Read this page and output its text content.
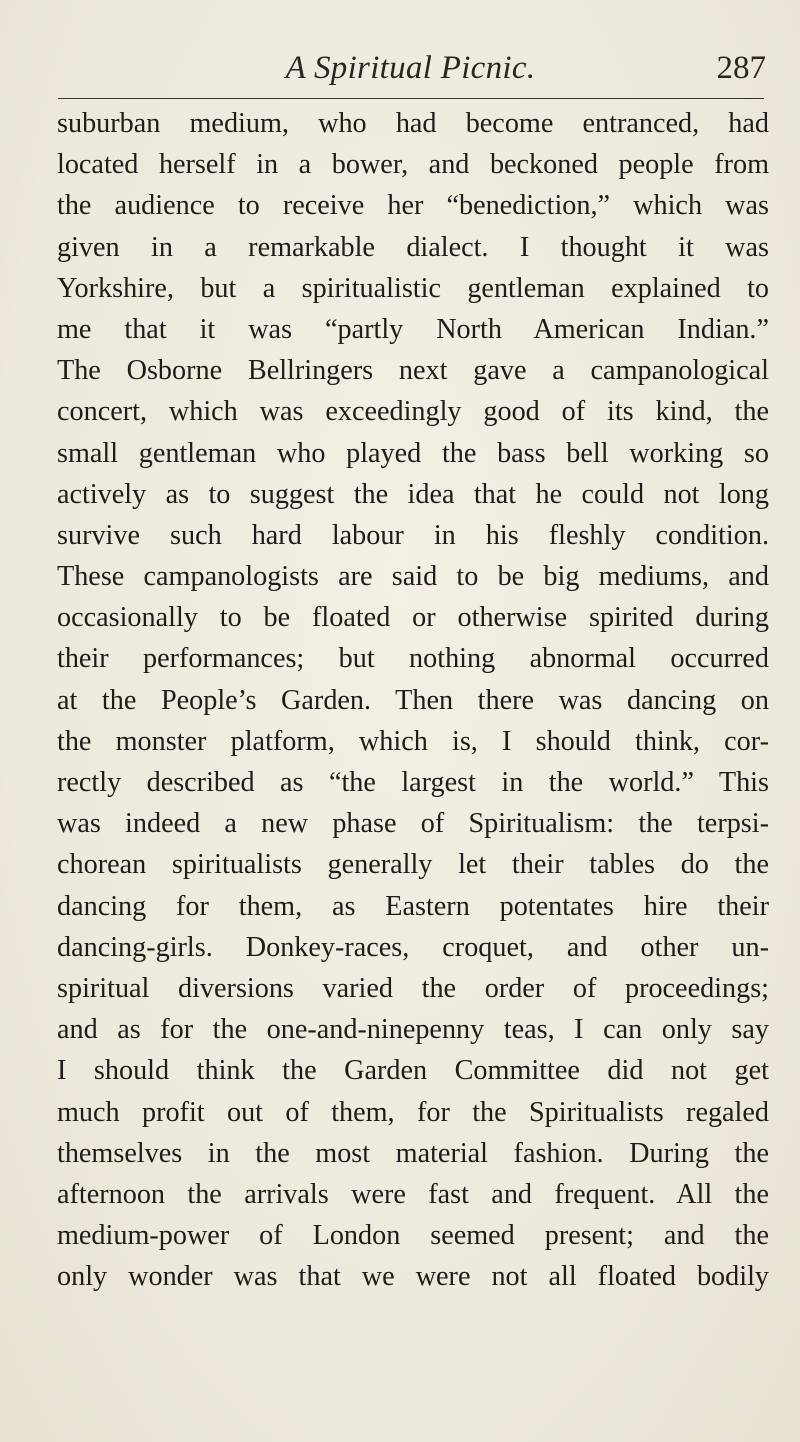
A Spiritual Picnic.	287
suburban medium, who had become entranced, had
located herself in a bower, and beckoned people from
the audience to receive her “benediction,” which was
given in a remarkable dialect. I thought it was
Yorkshire, but a spiritualistic gentleman explained to
me that it was “partly North American Indian.”
The Osborne Bellringers next gave a campanological
concert, which was exceedingly good of its kind, the
small gentleman who played the bass bell working so
actively as to suggest the idea that he could not long
survive such hard labour in his fleshly condition.
These campanologists are said to be big mediums, and
occasionally to be floated or otherwise spirited during
their performances; but nothing abnormal occurred
at the People’s Garden. Then there was dancing on
the monster platform, which is, I should think, cor-
rectly described as “the largest in the world.” This
was indeed a new phase of Spiritualism: the terpsi-
chorean spiritualists generally let their tables do the
dancing for them, as Eastern potentates hire their
dancing-girls. Donkey-races, croquet, and other un-
spiritual diversions varied the order of proceedings;
and as for the one-and-ninepenny teas, I can only say
I should think the Garden Committee did not get
much profit out of them, for the Spiritualists regaled
themselves in the most material fashion. During the
afternoon the arrivals were fast and frequent. All the
medium-power of London seemed present; and the
only wonder was that we were not all floated bodily
